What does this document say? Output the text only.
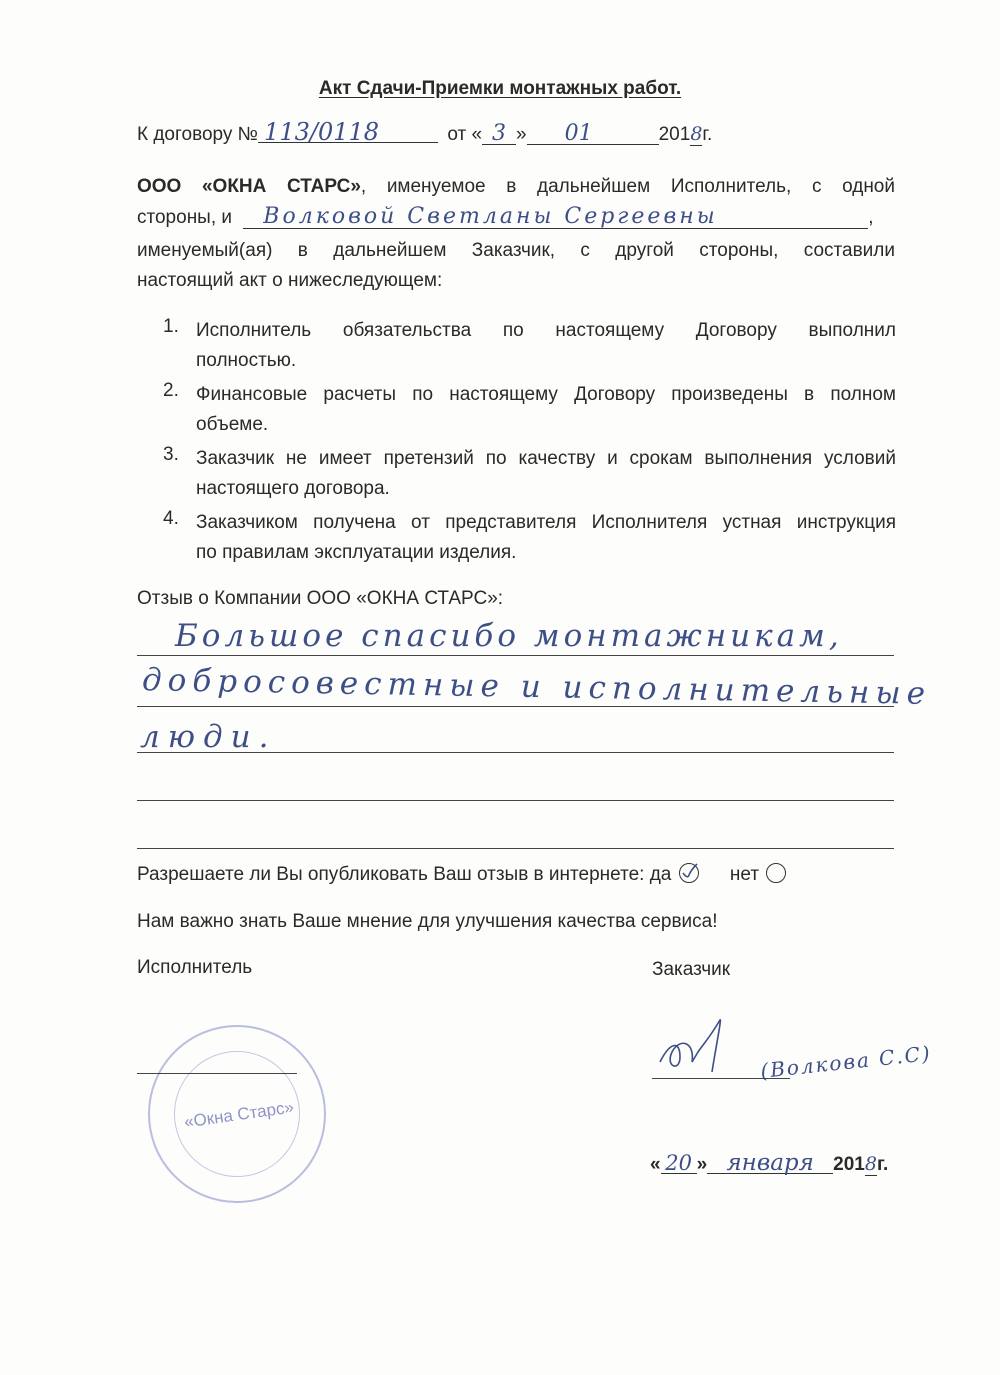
Акт Сдачи-Приемки монтажных работ.
К договору № 113/0118	от « 3 » 01	2018г.
ООО «ОКНА СТАРС», именуемое в дальнейшем Исполнитель, с одной
стороны, и Волковой Светланы Сергеевны	,
именуемый(ая) в дальнейшем Заказчик, с другой стороны, составили
настоящий акт о нижеследующем:
1. Исполнитель обязательства по настоящему Договору выполнил
полностью.
2. Финансовые расчеты по настоящему Договору произведены в полном
объеме.
3. Заказчик не имеет претензий по качеству и срокам выполнения условий
настоящего договора.
4. Заказчиком получена от представителя Исполнителя устная инструкция
по правилам эксплуатации изделия.
Отзыв о Компании ООО «ОКНА СТАРС»:
Большое спасибо монтажникам,
добросовестные и исполнительные
люди.
Разрешаете ли Вы опубликовать Ваш отзыв в интернете: да	нет
Нам важно знать Ваше мнение для улучшения качества сервиса!
Исполнитель	Заказчик
«Окна Старс»
(Волкова С.С)
« 20 » января 2018г.
